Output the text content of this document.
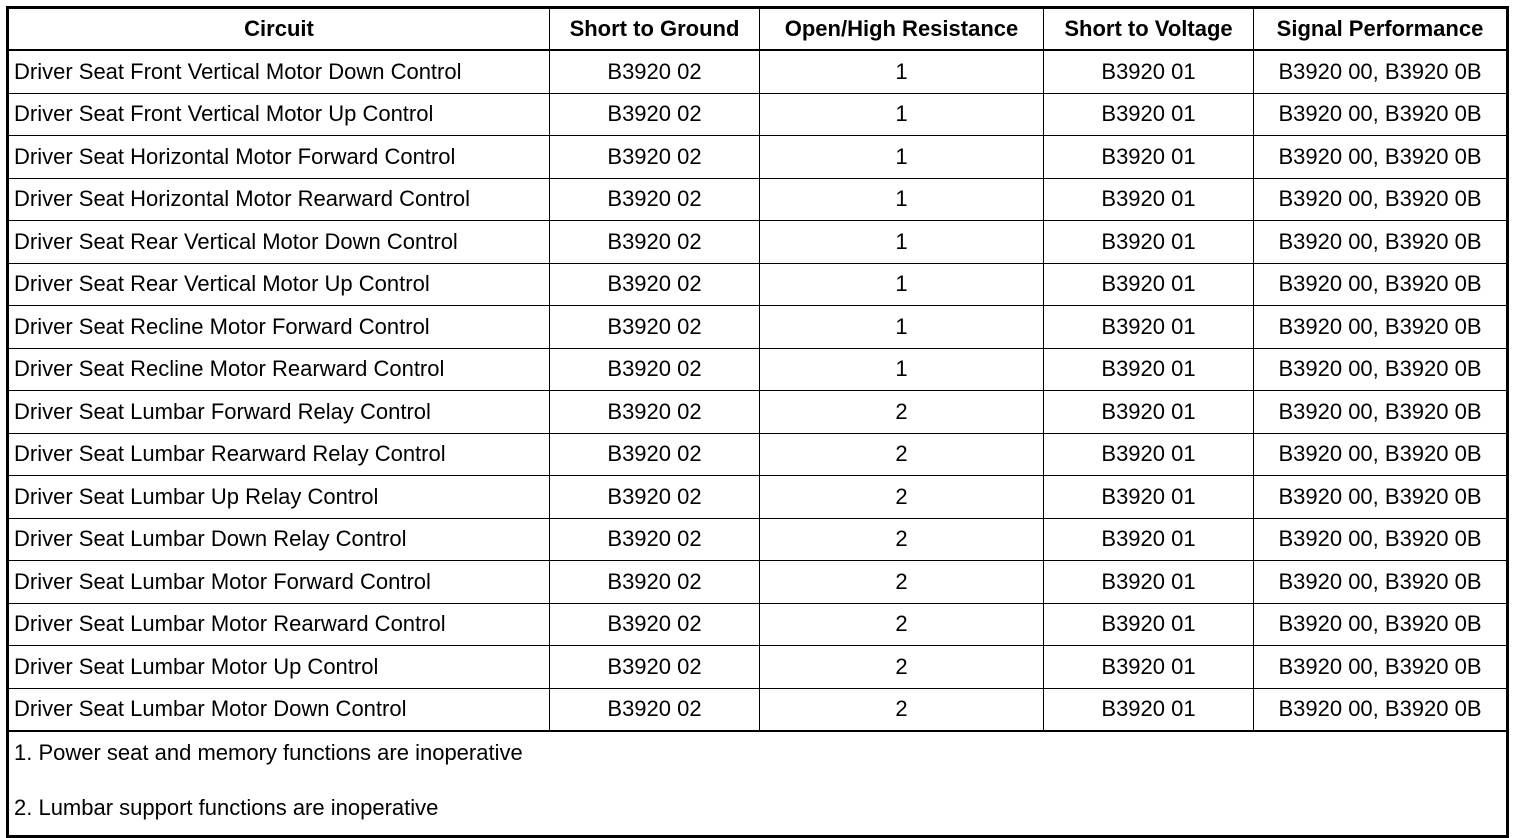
Circuit	Short to Ground	Open/High Resistance	Short to Voltage	Signal Performance
Driver Seat Front Vertical Motor Down Control	B3920 02	1	B3920 01	B3920 00, B3920 0B
Driver Seat Front Vertical Motor Up Control	B3920 02	1	B3920 01	B3920 00, B3920 0B
Driver Seat Horizontal Motor Forward Control	B3920 02	1	B3920 01	B3920 00, B3920 0B
Driver Seat Horizontal Motor Rearward Control	B3920 02	1	B3920 01	B3920 00, B3920 0B
Driver Seat Rear Vertical Motor Down Control	B3920 02	1	B3920 01	B3920 00, B3920 0B
Driver Seat Rear Vertical Motor Up Control	B3920 02	1	B3920 01	B3920 00, B3920 0B
Driver Seat Recline Motor Forward Control	B3920 02	1	B3920 01	B3920 00, B3920 0B
Driver Seat Recline Motor Rearward Control	B3920 02	1	B3920 01	B3920 00, B3920 0B
Driver Seat Lumbar Forward Relay Control	B3920 02	2	B3920 01	B3920 00, B3920 0B
Driver Seat Lumbar Rearward Relay Control	B3920 02	2	B3920 01	B3920 00, B3920 0B
Driver Seat Lumbar Up Relay Control	B3920 02	2	B3920 01	B3920 00, B3920 0B
Driver Seat Lumbar Down Relay Control	B3920 02	2	B3920 01	B3920 00, B3920 0B
Driver Seat Lumbar Motor Forward Control	B3920 02	2	B3920 01	B3920 00, B3920 0B
Driver Seat Lumbar Motor Rearward Control	B3920 02	2	B3920 01	B3920 00, B3920 0B
Driver Seat Lumbar Motor Up Control	B3920 02	2	B3920 01	B3920 00, B3920 0B
Driver Seat Lumbar Motor Down Control	B3920 02	2	B3920 01	B3920 00, B3920 0B

1. Power seat and memory functions are inoperative
2. Lumbar support functions are inoperative				
